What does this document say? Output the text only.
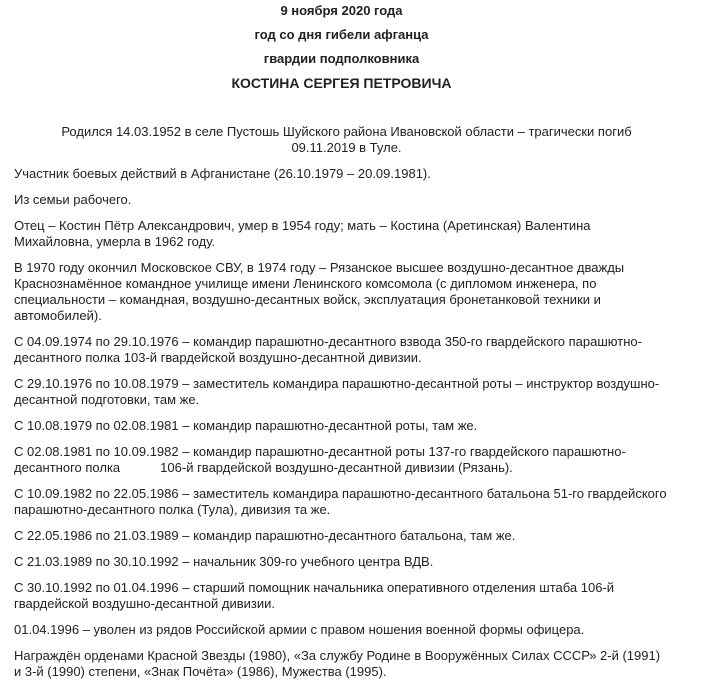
9 ноября 2020 года

год со дня гибели афганца

гвардии подполковника

КОСТИНА СЕРГЕЯ ПЕТРОВИЧА

Родился 14.03.1952 в селе Пустошь Шуйского района Ивановской области – трагически погиб 09.11.2019 в Туле.

Участник боевых действий в Афганистане (26.10.1979 – 20.09.1981).

Из семьи рабочего.

Отец – Костин Пётр Александрович, умер в 1954 году; мать – Костина (Аретинская) Валентина Михайловна, умерла в 1962 году.

В 1970 году окончил Московское СВУ, в 1974 году – Рязанское высшее воздушно-десантное дважды Краснознамённое командное училище имени Ленинского комсомола (с дипломом инженера, по специальности – командная, воздушно-десантных войск, эксплуатация бронетанковой техники и автомобилей).

С 04.09.1974 по 29.10.1976 – командир парашютно-десантного взвода 350-го гвардейского парашютно-десантного полка 103-й гвардейской воздушно-десантной дивизии.

С 29.10.1976 по 10.08.1979 – заместитель командира парашютно-десантной роты – инструктор воздушно-десантной подготовки, там же.

С 10.08.1979 по 02.08.1981 – командир парашютно-десантной роты, там же.

С 02.08.1981 по 10.09.1982 – командир парашютно-десантной роты 137-го гвардейского парашютно-десантного полка	106-й гвардейской воздушно-десантной дивизии (Рязань).

С 10.09.1982 по 22.05.1986 – заместитель командира парашютно-десантного батальона 51-го гвардейского парашютно-десантного полка (Тула), дивизия та же.

С 22.05.1986 по 21.03.1989 – командир парашютно-десантного батальона, там же.

С 21.03.1989 по 30.10.1992 – начальник 309-го учебного центра ВДВ.

С 30.10.1992 по 01.04.1996 – старший помощник начальника оперативного отделения штаба 106-й гвардейской воздушно-десантной дивизии.

01.04.1996 – уволен из рядов Российской армии с правом ношения военной формы офицера.

Награждён орденами Красной Звезды (1980), «За службу Родине в Вооружённых Силах СССР» 2-й (1991) и 3-й (1990) степени, «Знак Почёта» (1986), Мужества (1995).
